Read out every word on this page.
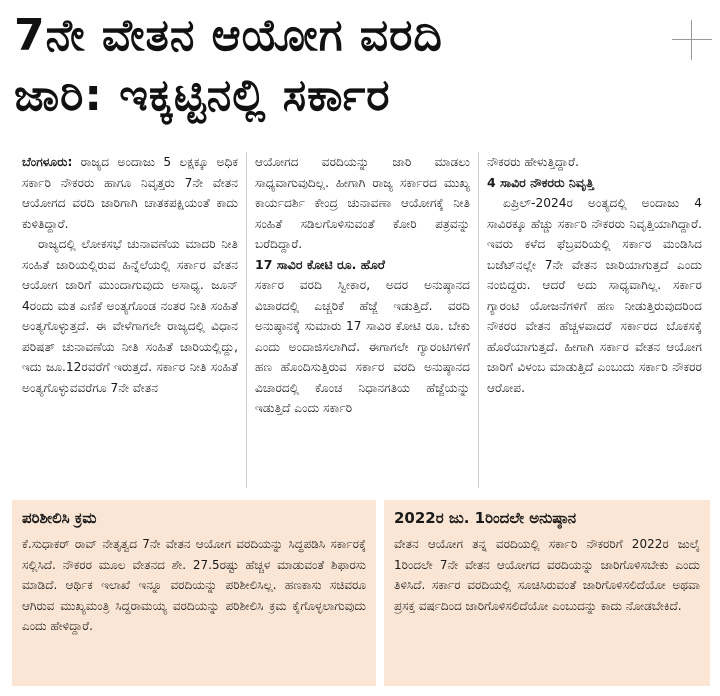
7ನೇ ವೇತನ ಆಯೋಗ ವರದಿ
ಜಾರಿ: ಇಕ್ಕಟ್ಟಿನಲ್ಲಿ ಸರ್ಕಾರ

ಬೆಂಗಳೂರು: ರಾಜ್ಯದ ಅಂದಾಜು 5 ಲಕ್ಷಕ್ಕೂ ಅಧಿಕ ಸರ್ಕಾರಿ ನೌಕರರು ಹಾಗೂ ನಿವೃತ್ತರು 7ನೇ ವೇತನ ಆಯೋಗದ ವರದಿ ಜಾರಿಗಾಗಿ ಚಾತಕಪಕ್ಷಿಯಂತೆ ಕಾದು ಕುಳಿತಿದ್ದಾರೆ.

ರಾಜ್ಯದಲ್ಲಿ ಲೋಕಸಭೆ ಚುನಾವಣೆಯ ಮಾದರಿ ನೀತಿ ಸಂಹಿತೆ ಜಾರಿಯಲ್ಲಿರುವ ಹಿನ್ನೆಲೆಯಲ್ಲಿ ಸರ್ಕಾರ ವೇತನ ಆಯೋಗ ಜಾರಿಗೆ ಮುಂದಾಗುವುದು ಅಸಾಧ್ಯ. ಜೂನ್ 4ರಂದು ಮತ ಎಣಿಕೆ ಅಂತ್ಯಗೊಂಡ ನಂತರ ನೀತಿ ಸಂಹಿತೆ ಅಂತ್ಯಗೊಳ್ಳುತ್ತದೆ. ಈ ವೇಳೆಗಾಗಲೇ ರಾಜ್ಯದಲ್ಲಿ ವಿಧಾನ ಪರಿಷತ್ ಚುನಾವಣೆಯ ನೀತಿ ಸಂಹಿತೆ ಜಾರಿಯಲ್ಲಿದ್ದು, ಇದು ಜೂ.12ರವರೆಗೆ ಇರುತ್ತದೆ. ಸರ್ಕಾರ ನೀತಿ ಸಂಹಿತೆ ಅಂತ್ಯಗೊಳ್ಳುವವರೆಗೂ 7ನೇ ವೇತನ

ಆಯೋಗದ ವರದಿಯನ್ನು ಜಾರಿ ಮಾಡಲು ಸಾಧ್ಯವಾಗುವುದಿಲ್ಲ. ಹೀಗಾಗಿ ರಾಜ್ಯ ಸರ್ಕಾರದ ಮುಖ್ಯ ಕಾರ್ಯದರ್ಶಿ ಕೇಂದ್ರ ಚುನಾವಣಾ ಆಯೋಗಕ್ಕೆ ನೀತಿ ಸಂಹಿತೆ ಸಡಿಲಗೊಳಿಸುವಂತೆ ಕೋರಿ ಪತ್ರವನ್ನು ಬರೆದಿದ್ದಾರೆ.

17 ಸಾವಿರ ಕೋಟಿ ರೂ. ಹೊರೆ

ಸರ್ಕಾರ ವರದಿ ಸ್ವೀಕಾರ, ಅದರ ಅನುಷ್ಠಾನದ ವಿಚಾರದಲ್ಲಿ ಎಚ್ಚರಿಕೆ ಹೆಜ್ಜೆ ಇಡುತ್ತಿದೆ. ವರದಿ ಅನುಷ್ಠಾನಕ್ಕೆ ಸುಮಾರು 17 ಸಾವಿರ ಕೋಟಿ ರೂ. ಬೇಕು ಎಂದು ಅಂದಾಜಿಸಲಾಗಿದೆ. ಈಗಾಗಲೇ ಗ್ಯಾರಂಟಿಗಳಿಗೆ ಹಣ ಹೊಂದಿಸುತ್ತಿರುವ ಸರ್ಕಾರ ವರದಿ ಅನುಷ್ಠಾನದ ವಿಚಾರದಲ್ಲಿ ಕೊಂಚ ನಿಧಾನಗತಿಯ ಹೆಜ್ಜೆಯನ್ನು ಇಡುತ್ತಿದೆ ಎಂದು ಸರ್ಕಾರಿ

ನೌಕರರು ಹೇಳುತ್ತಿದ್ದಾರೆ.

4 ಸಾವಿರ ನೌಕರರು ನಿವೃತ್ತಿ

ಏಪ್ರಿಲ್-2024ರ ಅಂತ್ಯದಲ್ಲಿ ಅಂದಾಜು 4 ಸಾವಿರಕ್ಕೂ ಹೆಚ್ಚು ಸರ್ಕಾರಿ ನೌಕರರು ನಿವೃತ್ತಿಯಾಗಿದ್ದಾರೆ. ಇವರು ಕಳೆದ ಫೆಬ್ರವರಿಯಲ್ಲಿ ಸರ್ಕಾರ ಮಂಡಿಸಿದ ಬಜೆಟ್‌ನಲ್ಲೇ 7ನೇ ವೇತನ ಜಾರಿಯಾಗುತ್ತದೆ ಎಂದು ನಂಬಿದ್ದರು. ಆದರೆ ಅದು ಸಾಧ್ಯವಾಗಿಲ್ಲ. ಸರ್ಕಾರ ಗ್ಯಾರಂಟಿ ಯೋಜನೆಗಳಿಗೆ ಹಣ ನೀಡುತ್ತಿರುವುದರಿಂದ ನೌಕರರ ವೇತನ ಹೆಚ್ಚಳವಾದರೆ ಸರ್ಕಾರದ ಬೊಕಸಕ್ಕೆ ಹೊರೆಯಾಗುತ್ತದೆ. ಹೀಗಾಗಿ ಸರ್ಕಾರ ವೇತನ ಆಯೋಗ ಜಾರಿಗೆ ವಿಳಂಬ ಮಾಡುತ್ತಿದೆ ಎಂಬುದು ಸರ್ಕಾರಿ ನೌಕರರ ಆರೋಪ.

ಪರಿಶೀಲಿಸಿ ಕ್ರಮ

ಕೆ.ಸುಧಾಕರ್ ರಾವ್ ನೇತೃತ್ವದ 7ನೇ ವೇತನ ಆಯೋಗ ವರದಿಯನ್ನು ಸಿದ್ಧಪಡಿಸಿ ಸರ್ಕಾರಕ್ಕೆ ಸಲ್ಲಿಸಿದೆ. ನೌಕರರ ಮೂಲ ವೇತನದ ಶೇ. 27.5ರಷ್ಟು ಹೆಚ್ಚಳ ಮಾಡುವಂತೆ ಶಿಫಾರಸು ಮಾಡಿದೆ. ಆರ್ಥಿಕ ಇಲಾಖೆ ಇನ್ನೂ ವರದಿಯನ್ನು ಪರಿಶೀಲಿಸಿಲ್ಲ. ಹಣಕಾಸು ಸಚಿವರೂ ಆಗಿರುವ ಮುಖ್ಯಮಂತ್ರಿ ಸಿದ್ದರಾಮಯ್ಯ ವರದಿಯನ್ನು ಪರಿಶೀಲಿಸಿ ಕ್ರಮ ಕೈಗೊಳ್ಳಲಾಗುವುದು ಎಂದು ಹೇಳಿದ್ದಾರೆ.

2022ರ ಜು. 1ರಿಂದಲೇ ಅನುಷ್ಠಾನ

ವೇತನ ಆಯೋಗ ತನ್ನ ವರದಿಯಲ್ಲಿ ಸರ್ಕಾರಿ ನೌಕರರಿಗೆ 2022ರ ಜುಲೈ 1ರಿಂದಲೇ 7ನೇ ವೇತನ ಆಯೋಗದ ವರದಿಯನ್ನು ಜಾರಿಗೊಳಿಸಬೇಕು ಎಂದು ತಿಳಿಸಿದೆ. ಸರ್ಕಾರ ವರದಿಯಲ್ಲಿ ಸೂಚಿಸಿರುವಂತೆ ಜಾರಿಗೊಳಿಸಲಿದೆಯೋ ಅಥವಾ ಪ್ರಸಕ್ತ ವರ್ಷದಿಂದ ಜಾರಿಗೊಳಿಸಲಿದೆಯೋ ಎಂಬುದನ್ನು ಕಾದು ನೋಡಬೇಕಿದೆ.
